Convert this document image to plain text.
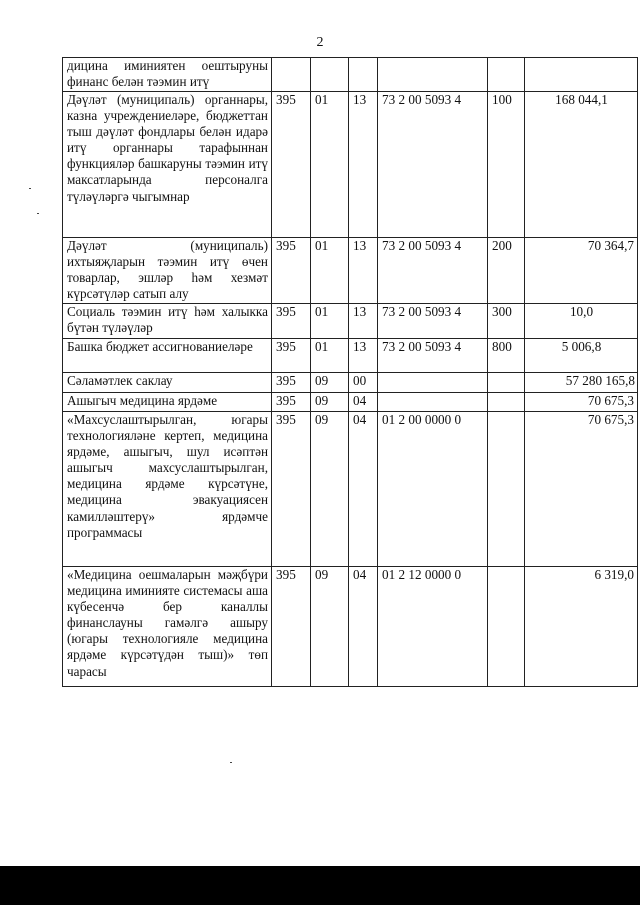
2
дицина иминиятен оештыруны финанс белән тәэмин итү						
Дәүләт (муниципаль) органнары, казна учреждениеләре, бюджеттан тыш дәүләт фондлары белән идарә итү органнары тарафыннан функцияләр башкаруны тәэмин итү максатларында персоналга түләүләргә чыгымнар	395	01	13	73 2 00 5093 4	100	168 044,1
Дәүләт (муниципаль) ихтыяҗларын тәэмин итү өчен товарлар, эшләр һәм хезмәт күрсәтүләр сатып алу	395	01	13	73 2 00 5093 4	200	70 364,7
Социаль тәэмин итү һәм халыкка бүтән түләүләр	395	01	13	73 2 00 5093 4	300	10,0
Башка бюджет ассигнованиеләре	395	01	13	73 2 00 5093 4	800	5 006,8
Сәламәтлек саклау	395	09	00			57 280 165,8
Ашыгыч медицина ярдәме	395	09	04			70 675,3
«Махсуслаштырылган, югары технологияләне кертеп, медицина ярдәме, ашыгыч, шул исәптән ашыгыч махсуслаштырылган, медицина ярдәме күрсәтүне, медицина эвакуациясен камилләштерү» ярдәмче программасы	395	09	04	01 2 00 0000 0		70 675,3
«Медицина оешмаларын мәҗбүри медицина иминияте системасы аша күбесенчә бер каналлы финанслауны гамәлгә ашыру (югары технологияле медицина ярдәме күрсәтүдән тыш)» төп чарасы	395	09	04	01 2 12 0000 0		6 319,0
